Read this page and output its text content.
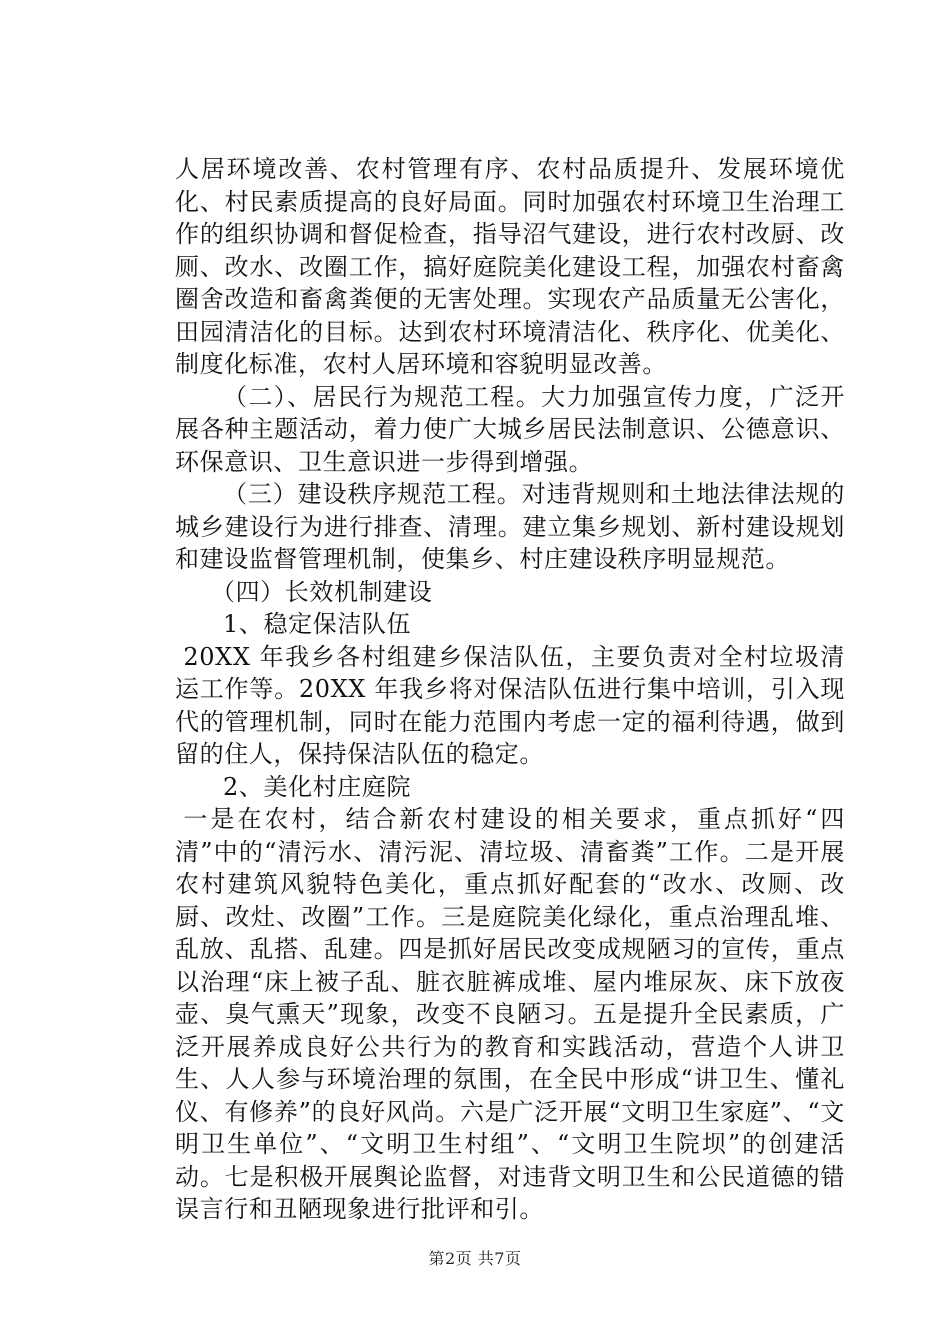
人居环境改善、农村管理有序、农村品质提升、发展环境优化、村民素质提高的良好局面。同时加强农村环境卫生治理工作的组织协调和督促检查，指导沼气建设，进行农村改厨、改厕、改水、改圈工作，搞好庭院美化建设工程，加强农村畜禽圈舍改造和畜禽粪便的无害处理。实现农产品质量无公害化，田园清洁化的目标。达到农村环境清洁化、秩序化、优美化、制度化标准，农村人居环境和容貌明显改善。

（二）、居民行为规范工程。大力加强宣传力度，广泛开展各种主题活动，着力使广大城乡居民法制意识、公德意识、环保意识、卫生意识进一步得到增强。

（三）建设秩序规范工程。对违背规则和土地法律法规的城乡建设行为进行排查、清理。建立集乡规划、新村建设规划和建设监督管理机制，使集乡、村庄建设秩序明显规范。

（四）长效机制建设

1、稳定保洁队伍

20XX 年我乡各村组建乡保洁队伍，主要负责对全村垃圾清运工作等。20XX 年我乡将对保洁队伍进行集中培训，引入现代的管理机制，同时在能力范围内考虑一定的福利待遇，做到留的住人，保持保洁队伍的稳定。

2、美化村庄庭院

一是在农村，结合新农村建设的相关要求，重点抓好“四清”中的“清污水、清污泥、清垃圾、清畜粪”工作。二是开展农村建筑风貌特色美化，重点抓好配套的“改水、改厕、改厨、改灶、改圈”工作。三是庭院美化绿化，重点治理乱堆、乱放、乱搭、乱建。四是抓好居民改变成规陋习的宣传，重点以治理“床上被子乱、脏衣脏裤成堆、屋内堆尿灰、床下放夜壶、臭气熏天”现象，改变不良陋习。五是提升全民素质，广泛开展养成良好公共行为的教育和实践活动，营造个人讲卫生、人人参与环境治理的氛围，在全民中形成“讲卫生、懂礼仪、有修养”的良好风尚。六是广泛开展“文明卫生家庭”、“文明卫生单位”、“文明卫生村组”、“文明卫生院坝”的创建活动。七是积极开展舆论监督，对违背文明卫生和公民道德的错误言行和丑陋现象进行批评和引。

第2页 共7页
